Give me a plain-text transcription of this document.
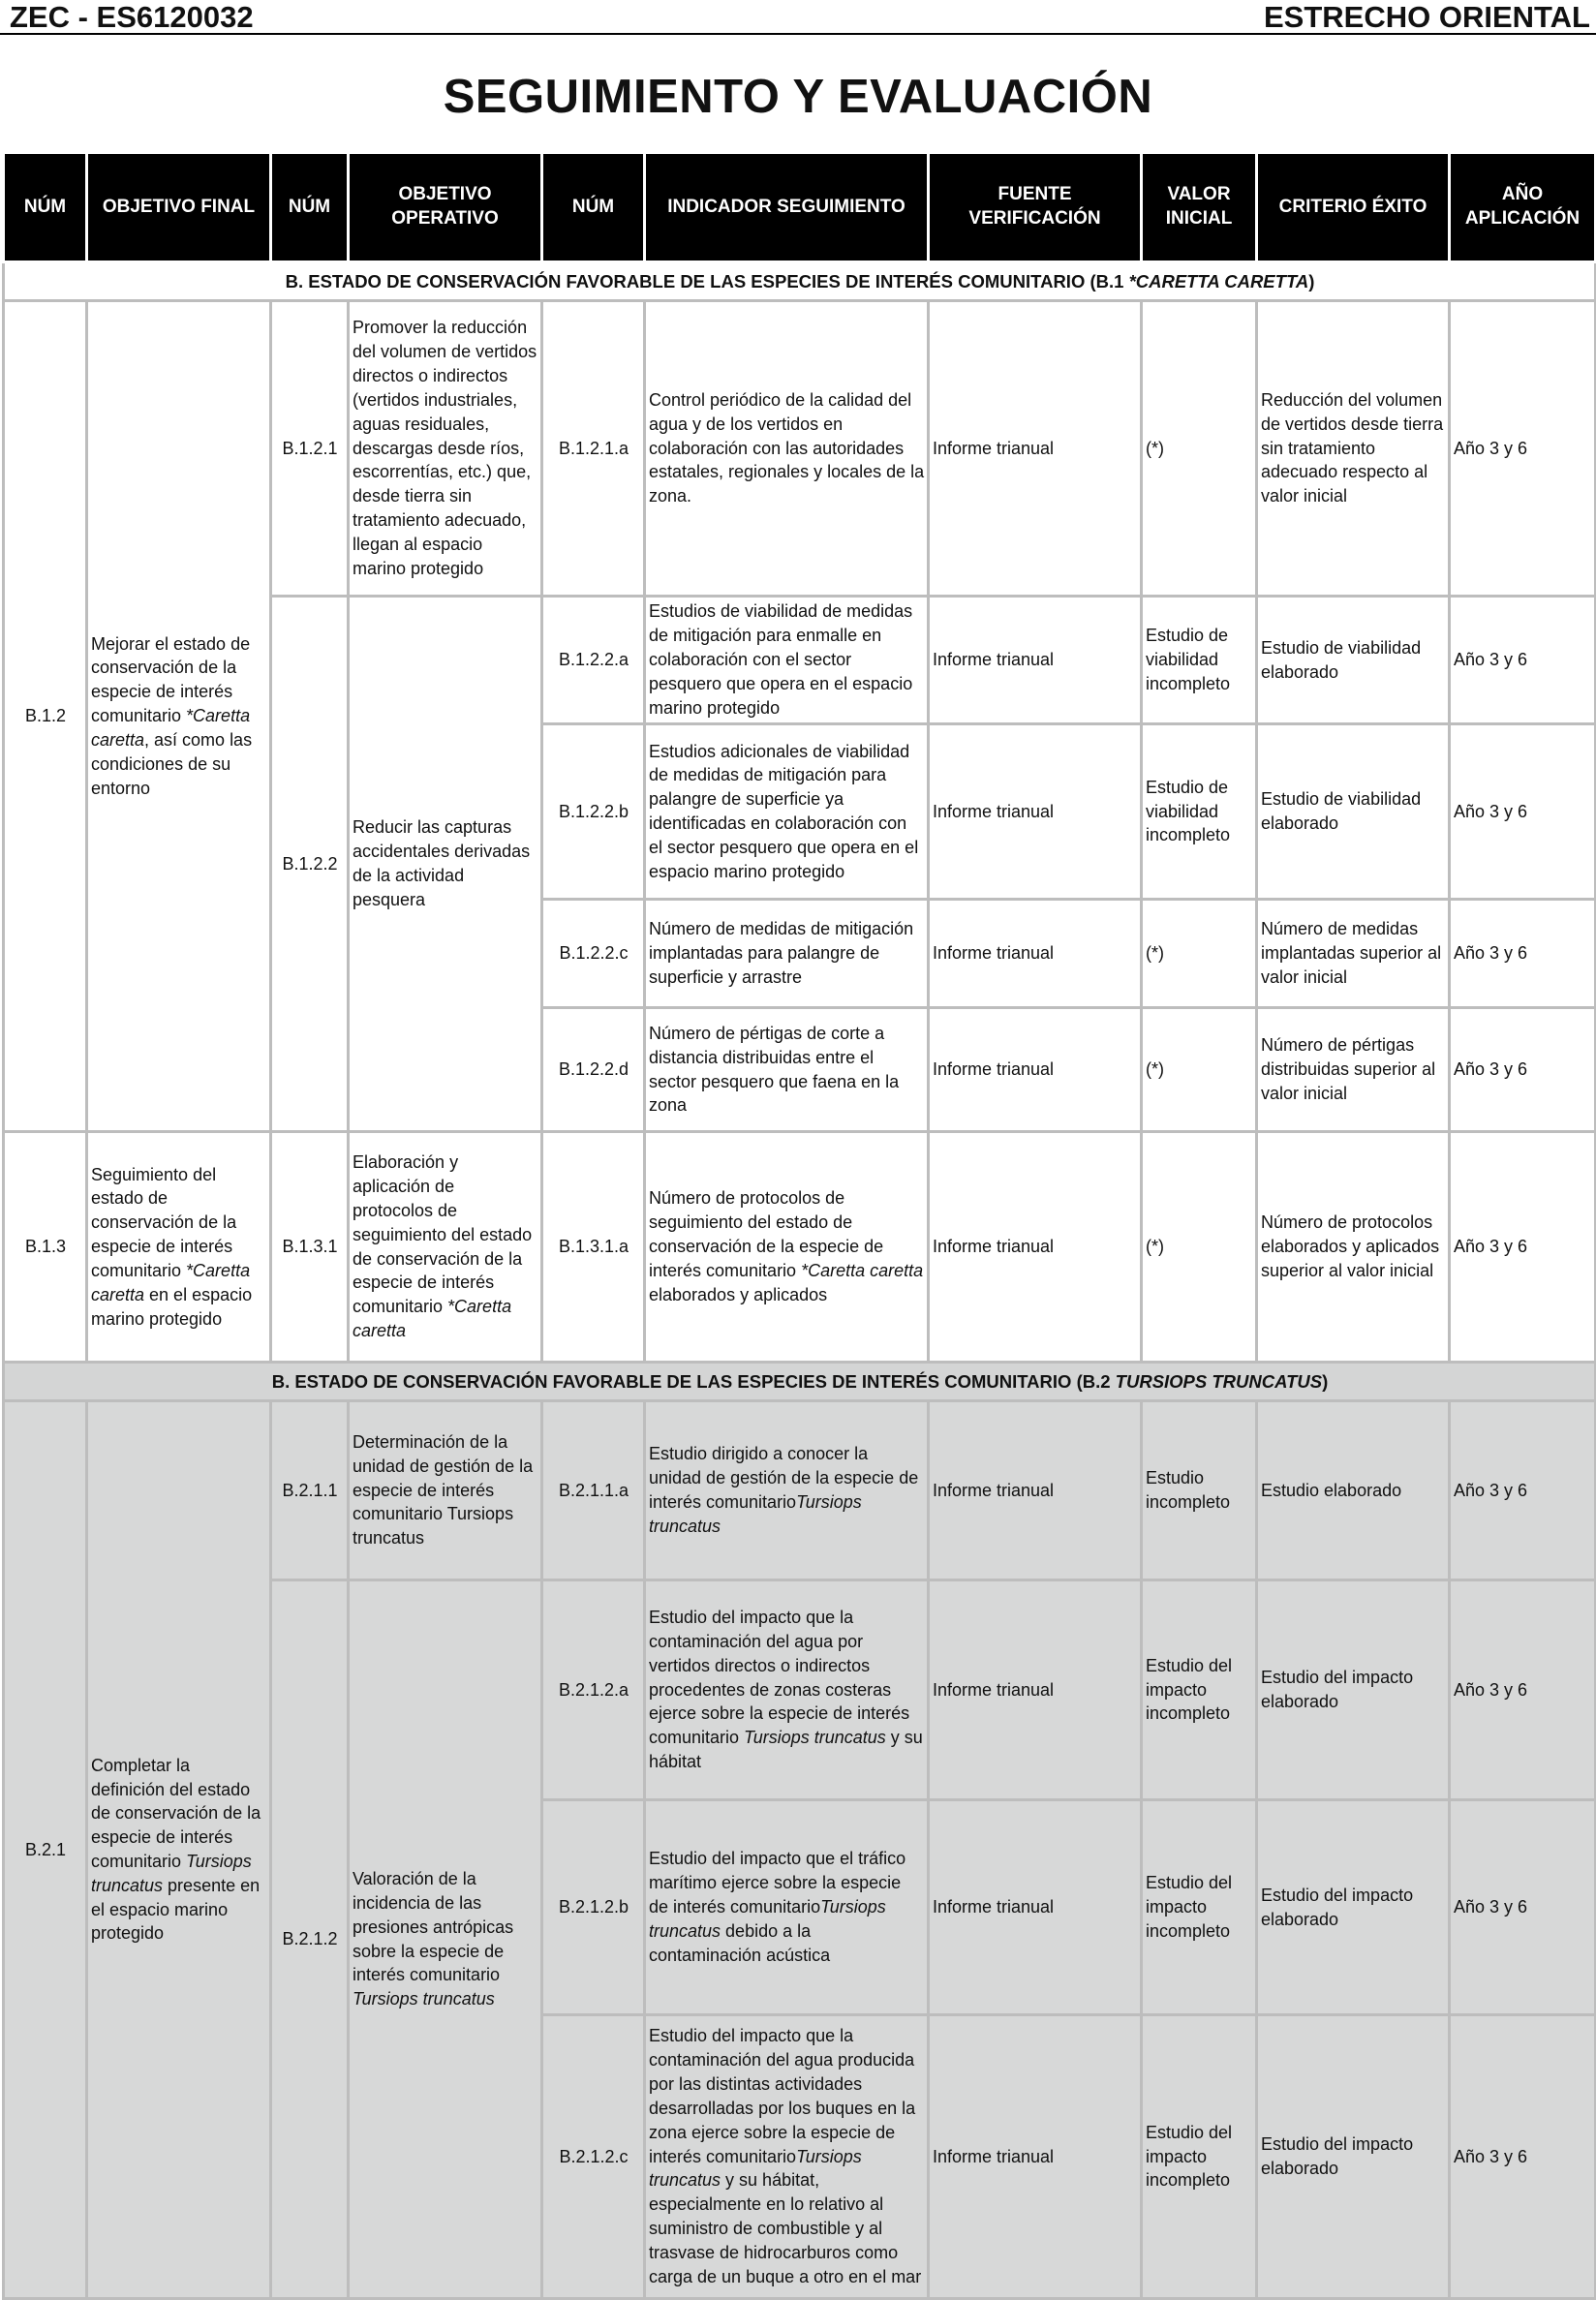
ZEC - ES6120032	ESTRECHO ORIENTAL
SEGUIMIENTO Y EVALUACIÓN
NÚM	OBJETIVO FINAL	NÚM	OBJETIVO OPERATIVO	NÚM	INDICADOR SEGUIMIENTO	FUENTE VERIFICACIÓN	VALOR INICIAL	CRITERIO ÉXITO	AÑO APLICACIÓN
B. ESTADO DE CONSERVACIÓN FAVORABLE DE LAS ESPECIES DE INTERÉS COMUNITARIO (B.1 *CARETTA CARETTA)									
B.1.2	Mejorar el estado de conservación de la especie de interés comunitario *Caretta caretta, así como las condiciones de su entorno	B.1.2.1	Promover la reducción del volumen de vertidos directos o indirectos (vertidos industriales, aguas residuales, descargas desde ríos, escorrentías, etc.) que, desde tierra sin tratamiento adecuado, llegan al espacio marino protegido	B.1.2.1.a	Control periódico de la calidad del agua y de los vertidos en colaboración con las autoridades estatales, regionales y locales de la zona.	Informe trianual	(*)	Reducción del volumen de vertidos desde tierra sin tratamiento adecuado respecto al valor inicial	Año 3 y 6
		B.1.2.2	Reducir las capturas accidentales derivadas de la actividad pesquera	B.1.2.2.a	Estudios de viabilidad de medidas de mitigación para enmalle en colaboración con el sector pesquero que opera en el espacio marino protegido	Informe trianual	Estudio de viabilidad incompleto	Estudio de viabilidad elaborado	Año 3 y 6
				B.1.2.2.b	Estudios adicionales de viabilidad de medidas de mitigación para palangre de superficie ya identificadas en colaboración con el sector pesquero que opera en el espacio marino protegido	Informe trianual	Estudio de viabilidad incompleto	Estudio de viabilidad elaborado	Año 3 y 6
				B.1.2.2.c	Número de medidas de mitigación implantadas para palangre de superficie y arrastre	Informe trianual	(*)	Número de medidas implantadas superior al valor inicial	Año 3 y 6
				B.1.2.2.d	Número de pértigas de corte a distancia distribuidas entre el sector pesquero que faena en la zona	Informe trianual	(*)	Número de pértigas distribuidas superior al valor inicial	Año 3 y 6
B.1.3	Seguimiento del estado de conservación de la especie de interés comunitario *Caretta caretta en el espacio marino protegido	B.1.3.1	Elaboración y aplicación de protocolos de seguimiento del estado de conservación de la especie de interés comunitario *Caretta caretta	B.1.3.1.a	Número de protocolos de seguimiento del estado de conservación de la especie de interés comunitario *Caretta caretta elaborados y aplicados	Informe trianual	(*)	Número de protocolos elaborados y aplicados superior al valor inicial	Año 3 y 6
B. ESTADO DE CONSERVACIÓN FAVORABLE DE LAS ESPECIES DE INTERÉS COMUNITARIO (B.2 TURSIOPS TRUNCATUS)									
B.2.1	Completar la definición del estado de conservación de la especie de interés comunitario Tursiops truncatus presente en el espacio marino protegido	B.2.1.1	Determinación de la unidad de gestión de la especie de interés comunitario Tursiops truncatus	B.2.1.1.a	Estudio dirigido a conocer la unidad de gestión de la especie de interés comunitarioTursiops truncatus	Informe trianual	Estudio incompleto	Estudio elaborado	Año 3 y 6
		B.2.1.2	Valoración de la incidencia de las presiones antrópicas sobre la especie de interés comunitario Tursiops truncatus	B.2.1.2.a	Estudio del impacto que la contaminación del agua por vertidos directos o indirectos procedentes de zonas costeras ejerce sobre la especie de interés comunitario Tursiops truncatus y su hábitat	Informe trianual	Estudio del impacto incompleto	Estudio del impacto elaborado	Año 3 y 6
				B.2.1.2.b	Estudio del impacto que el tráfico marítimo ejerce sobre la especie de interés comunitarioTursiops truncatus debido a la contaminación acústica	Informe trianual	Estudio del impacto incompleto	Estudio del impacto elaborado	Año 3 y 6
				B.2.1.2.c	Estudio del impacto que la contaminación del agua producida por las distintas actividades desarrolladas por los buques en la zona ejerce sobre la especie de interés comunitarioTursiops truncatus y su hábitat, especialmente en lo relativo al suministro de combustible y al trasvase de hidrocarburos como carga de un buque a otro en el mar	Informe trianual	Estudio del impacto incompleto	Estudio del impacto elaborado	Año 3 y 6
